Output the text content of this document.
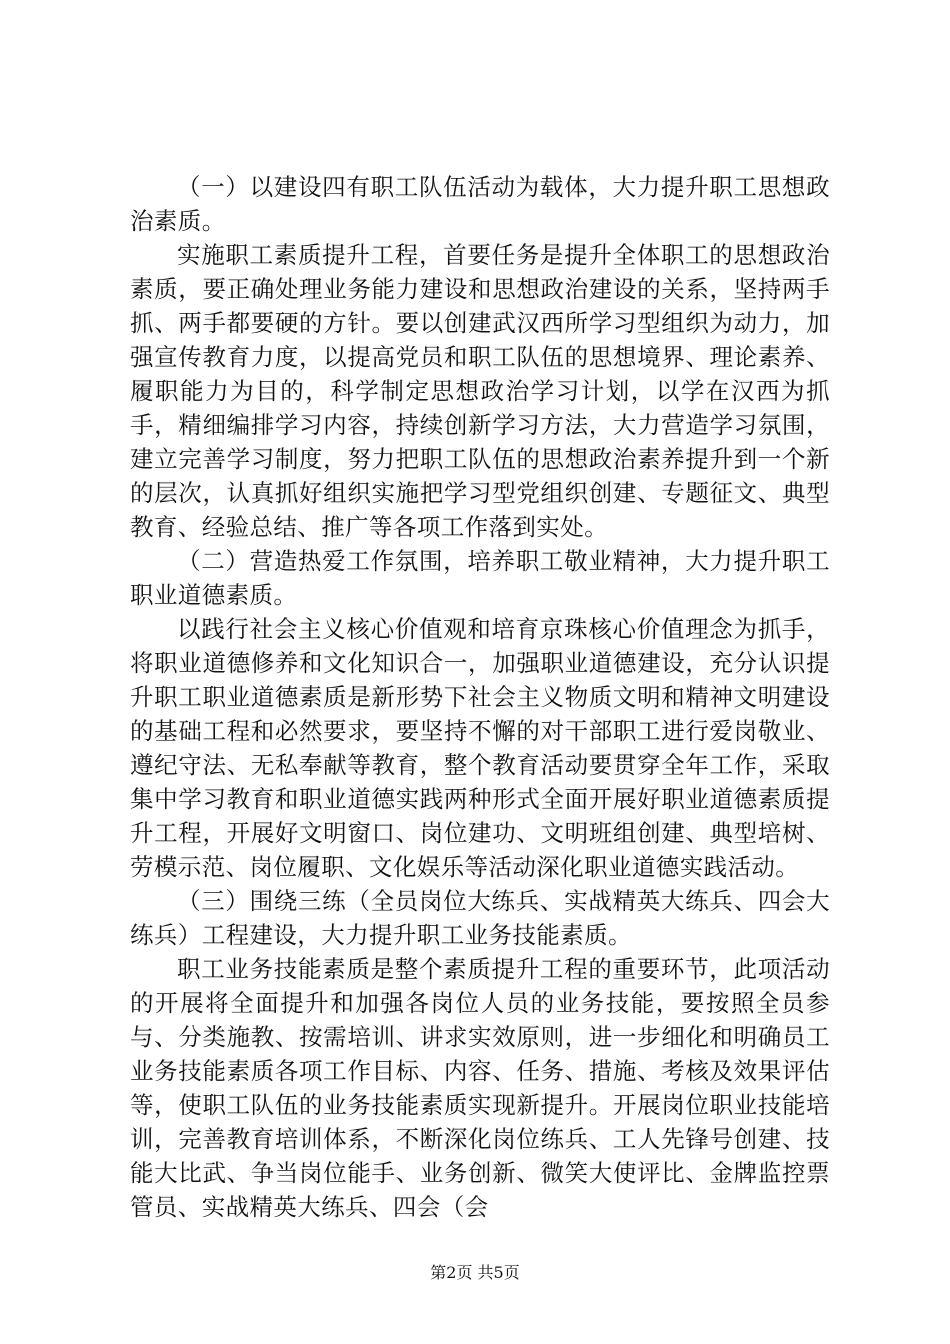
（一）以建设四有职工队伍活动为载体，大力提升职工思想政治素质。

实施职工素质提升工程，首要任务是提升全体职工的思想政治素质，要正确处理业务能力建设和思想政治建设的关系，坚持两手抓、两手都要硬的方针。要以创建武汉西所学习型组织为动力，加强宣传教育力度，以提高党员和职工队伍的思想境界、理论素养、履职能力为目的，科学制定思想政治学习计划，以学在汉西为抓手，精细编排学习内容，持续创新学习方法，大力营造学习氛围，建立完善学习制度，努力把职工队伍的思想政治素养提升到一个新的层次，认真抓好组织实施把学习型党组织创建、专题征文、典型教育、经验总结、推广等各项工作落到实处。

（二）营造热爱工作氛围，培养职工敬业精神，大力提升职工职业道德素质。

以践行社会主义核心价值观和培育京珠核心价值理念为抓手，将职业道德修养和文化知识合一，加强职业道德建设，充分认识提升职工职业道德素质是新形势下社会主义物质文明和精神文明建设的基础工程和必然要求，要坚持不懈的对干部职工进行爱岗敬业、遵纪守法、无私奉献等教育，整个教育活动要贯穿全年工作，采取集中学习教育和职业道德实践两种形式全面开展好职业道德素质提升工程，开展好文明窗口、岗位建功、文明班组创建、典型培树、劳模示范、岗位履职、文化娱乐等活动深化职业道德实践活动。

（三）围绕三练（全员岗位大练兵、实战精英大练兵、四会大练兵）工程建设，大力提升职工业务技能素质。

职工业务技能素质是整个素质提升工程的重要环节，此项活动的开展将全面提升和加强各岗位人员的业务技能，要按照全员参与、分类施教、按需培训、讲求实效原则，进一步细化和明确员工业务技能素质各项工作目标、内容、任务、措施、考核及效果评估等，使职工队伍的业务技能素质实现新提升。开展岗位职业技能培训，完善教育培训体系，不断深化岗位练兵、工人先锋号创建、技能大比武、争当岗位能手、业务创新、微笑大使评比、金牌监控票管员、实战精英大练兵、四会（会

第2页 共5页
